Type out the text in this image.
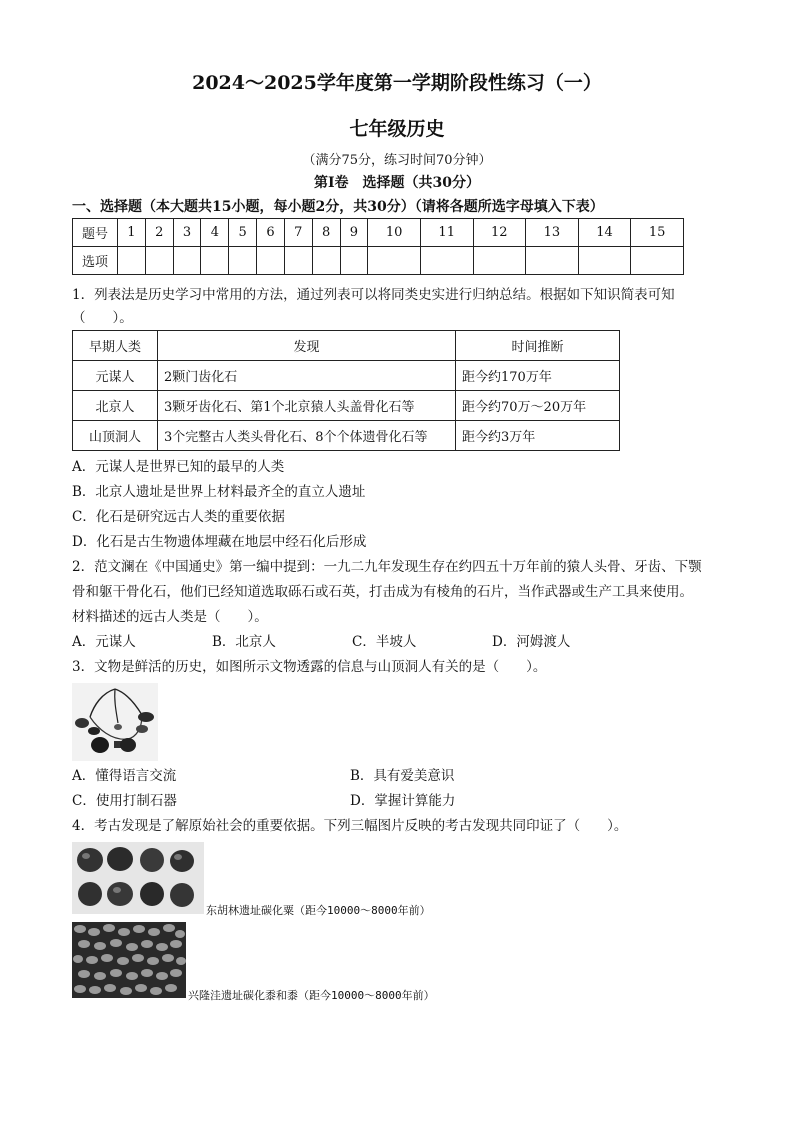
2024～2025学年度第一学期阶段性练习（一）
七年级历史
（满分75分，练习时间70分钟）
第Ⅰ卷　选择题（共30分）
一、选择题（本大题共15小题，每小题2分，共30分）（请将各题所选字母填入下表）
题号	1	2	3	4	5	6	7	8	9	10	11	12	13	14	15
选项															
1．列表法是历史学习中常用的方法，通过列表可以将同类史实进行归纳总结。根据如下知识简表可知
（　　）。
早期人类	发现	时间推断
元谋人	2颗门齿化石	距今约170万年
北京人	3颗牙齿化石、第1个北京猿人头盖骨化石等	距今约70万～20万年
山顶洞人	3个完整古人类头骨化石、8个个体遗骨化石等	距今约3万年
A．元谋人是世界已知的最早的人类
B．北京人遗址是世界上材料最齐全的直立人遗址
C．化石是研究远古人类的重要依据
D．化石是古生物遗体埋藏在地层中经石化后形成
2．范文澜在《中国通史》第一编中提到：一九二九年发现生存在约四五十万年前的猿人头骨、牙齿、下颚
骨和躯干骨化石，他们已经知道选取砾石或石英，打击成为有棱角的石片，当作武器或生产工具来使用。
材料描述的远古人类是（　　）。
A．元谋人	B．北京人	C．半坡人	D．河姆渡人
3．文物是鲜活的历史，如图所示文物透露的信息与山顶洞人有关的是（　　）。
A．懂得语言交流	B．具有爱美意识
C．使用打制石器	D．掌握计算能力
4．考古发现是了解原始社会的重要依据。下列三幅图片反映的考古发现共同印证了（　　）。
东胡林遗址碳化粟（距今10000～8000年前）
兴隆洼遗址碳化黍和黍（距今10000～8000年前）
